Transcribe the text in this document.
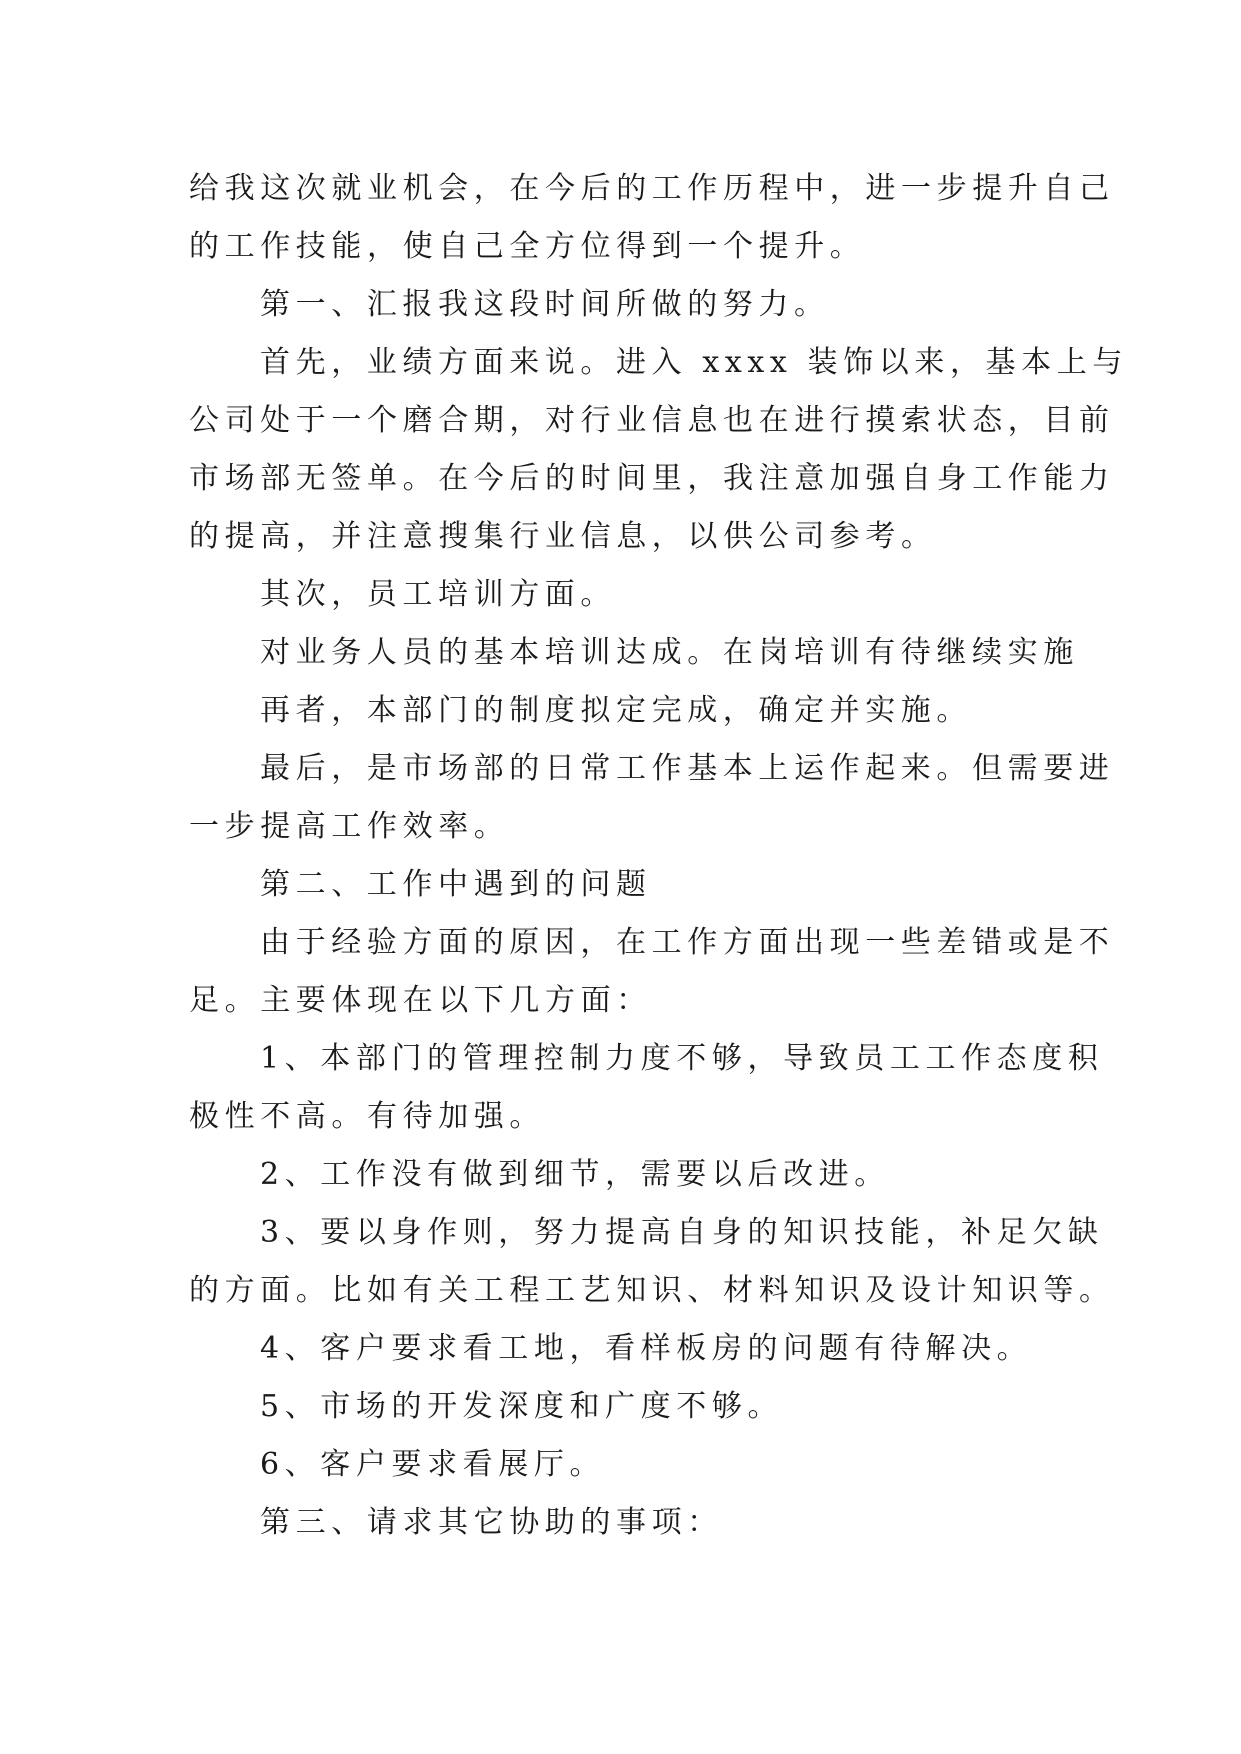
给我这次就业机会，在今后的工作历程中，进一步提升自己

的工作技能，使自己全方位得到一个提升。

第一、汇报我这段时间所做的努力。

首先，业绩方面来说。进入 xxxx 装饰以来，基本上与

公司处于一个磨合期，对行业信息也在进行摸索状态，目前

市场部无签单。在今后的时间里，我注意加强自身工作能力

的提高，并注意搜集行业信息，以供公司参考。

其次，员工培训方面。

对业务人员的基本培训达成。在岗培训有待继续实施

再者，本部门的制度拟定完成，确定并实施。

最后，是市场部的日常工作基本上运作起来。但需要进

一步提高工作效率。

第二、工作中遇到的问题

由于经验方面的原因，在工作方面出现一些差错或是不

足。主要体现在以下几方面：

1、本部门的管理控制力度不够，导致员工工作态度积

极性不高。有待加强。

2、工作没有做到细节，需要以后改进。

3、要以身作则，努力提高自身的知识技能，补足欠缺

的方面。比如有关工程工艺知识、材料知识及设计知识等。

4、客户要求看工地，看样板房的问题有待解决。

5、市场的开发深度和广度不够。

6、客户要求看展厅。

第三、请求其它协助的事项：
